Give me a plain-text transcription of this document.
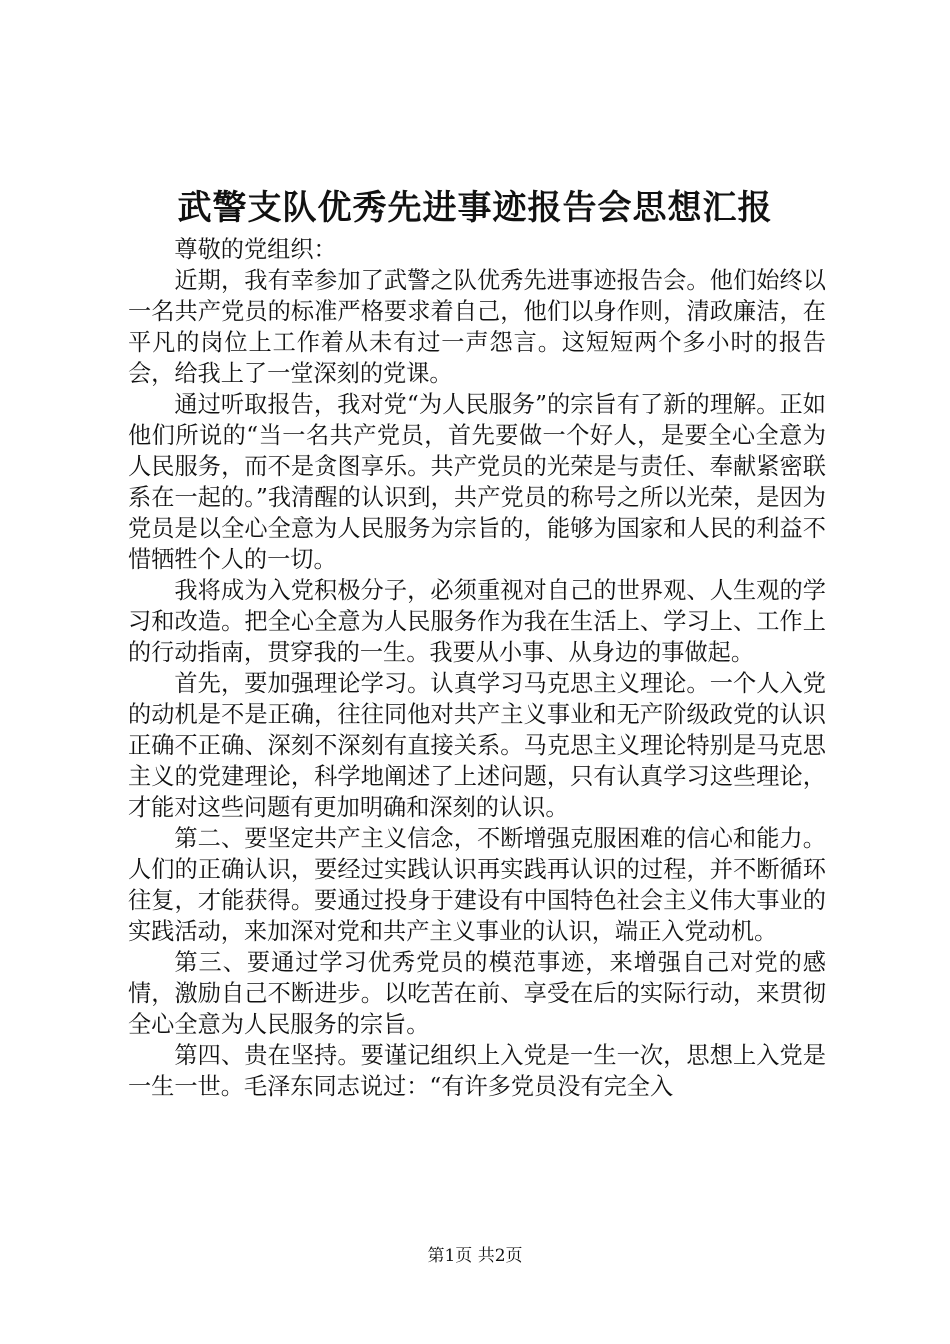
武警支队优秀先进事迹报告会思想汇报

尊敬的党组织：

近期，我有幸参加了武警之队优秀先进事迹报告会。他们始终以一名共产党员的标准严格要求着自己，他们以身作则，清政廉洁，在平凡的岗位上工作着从未有过一声怨言。这短短两个多小时的报告会，给我上了一堂深刻的党课。

通过听取报告，我对党“为人民服务”的宗旨有了新的理解。正如他们所说的“当一名共产党员，首先要做一个好人，是要全心全意为人民服务，而不是贪图享乐。共产党员的光荣是与责任、奉献紧密联系在一起的。”我清醒的认识到，共产党员的称号之所以光荣，是因为党员是以全心全意为人民服务为宗旨的，能够为国家和人民的利益不惜牺牲个人的一切。

我将成为入党积极分子，必须重视对自己的世界观、人生观的学习和改造。把全心全意为人民服务作为我在生活上、学习上、工作上的行动指南，贯穿我的一生。我要从小事、从身边的事做起。

首先，要加强理论学习。认真学习马克思主义理论。一个人入党的动机是不是正确，往往同他对共产主义事业和无产阶级政党的认识正确不正确、深刻不深刻有直接关系。马克思主义理论特别是马克思主义的党建理论，科学地阐述了上述问题，只有认真学习这些理论，才能对这些问题有更加明确和深刻的认识。

第二、要坚定共产主义信念，不断增强克服困难的信心和能力。人们的正确认识，要经过实践认识再实践再认识的过程，并不断循环往复，才能获得。要通过投身于建设有中国特色社会主义伟大事业的实践活动，来加深对党和共产主义事业的认识，端正入党动机。

第三、要通过学习优秀党员的模范事迹，来增强自己对党的感情，激励自己不断进步。以吃苦在前、享受在后的实际行动，来贯彻全心全意为人民服务的宗旨。

第四、贵在坚持。要谨记组织上入党是一生一次，思想上入党是一生一世。毛泽东同志说过：“有许多党员没有完全入

第1页 共2页
